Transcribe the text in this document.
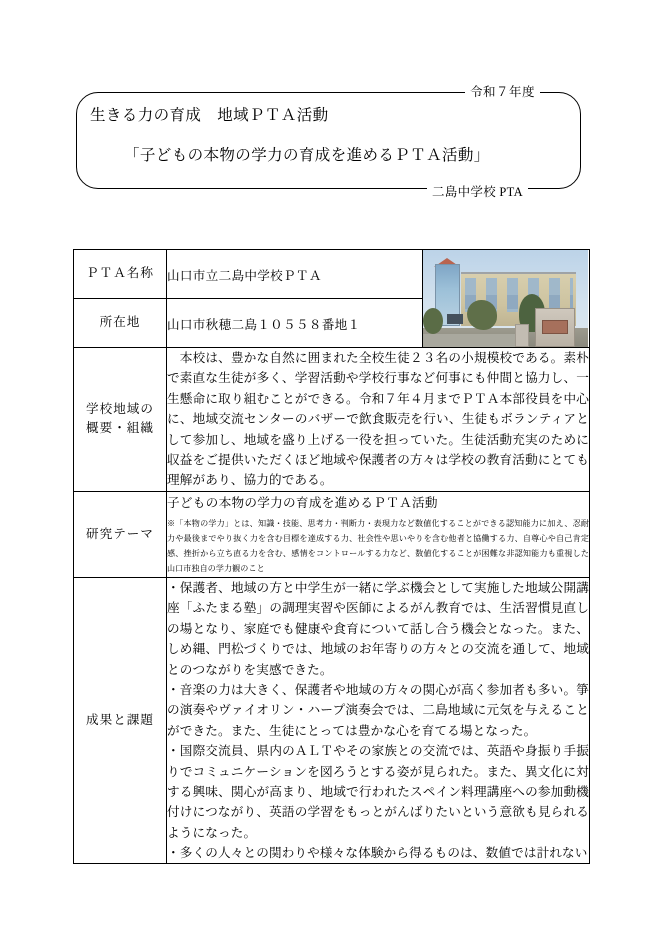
令和７年度
生きる力の育成　地域ＰＴＡ活動
「子どもの本物の学力の育成を進めるＰＴＡ活動」
二島中学校 PTA
ＰＴＡ名称	山口市立二島中学校ＰＴＡ	

所在地	山口市秋穂二島１０５５８番地１	
学校地域の
概要・組織	　本校は、豊かな自然に囲まれた全校生徒２３名の小規模校である。素朴で素直な生徒が多く、学習活動や学校行事など何事にも仲間と協力し、一生懸命に取り組むことができる。令和７年４月までＰＴＡ本部役員を中心に、地域交流センターのバザーで飲食販売を行い、生徒もボランティアとして参加し、地域を盛り上げる一役を担っていた。生徒活動充実のために収益をご提供いただくほど地域や保護者の方々は学校の教育活動にとても理解があり、協力的である。	

研究テーマ	子どもの本物の学力の育成を進めるＰＴＡ活動

※「本物の学力」とは、知識・技能、思考力・判断力・表現力など数値化することができる認知能力に加え、忍耐力や最後までやり抜く力を含む目標を達成する力、社会性や思いやりを含む他者と協働する力、自尊心や自己肯定感、挫折から立ち直る力を含む、感情をコントロールする力など、数値化することが困難な非認知能力も重視した山口市独自の学力観のこと	

成果と課題	・保護者、地域の方と中学生が一緒に学ぶ機会として実施した地域公開講座「ふたまる塾」の調理実習や医師によるがん教育では、生活習慣見直しの場となり、家庭でも健康や食育について話し合う機会となった。また、しめ縄、門松づくりでは、地域のお年寄りの方々との交流を通して、地域とのつながりを実感できた。

・音楽の力は大きく、保護者や地域の方々の関心が高く参加者も多い。箏の演奏やヴァイオリン・ハープ演奏会では、二島地域に元気を与えることができた。また、生徒にとっては豊かな心を育てる場となった。

・国際交流員、県内のＡＬＴやその家族との交流では、英語や身振り手振りでコミュニケーションを図ろうとする姿が見られた。また、異文化に対する興味、関心が高まり、地域で行われたスペイン料理講座への参加動機付けにつながり、英語の学習をもっとがんばりたいという意欲も見られるようになった。

・多くの人々との関わりや様々な体験から得るものは、数値では計れない	
